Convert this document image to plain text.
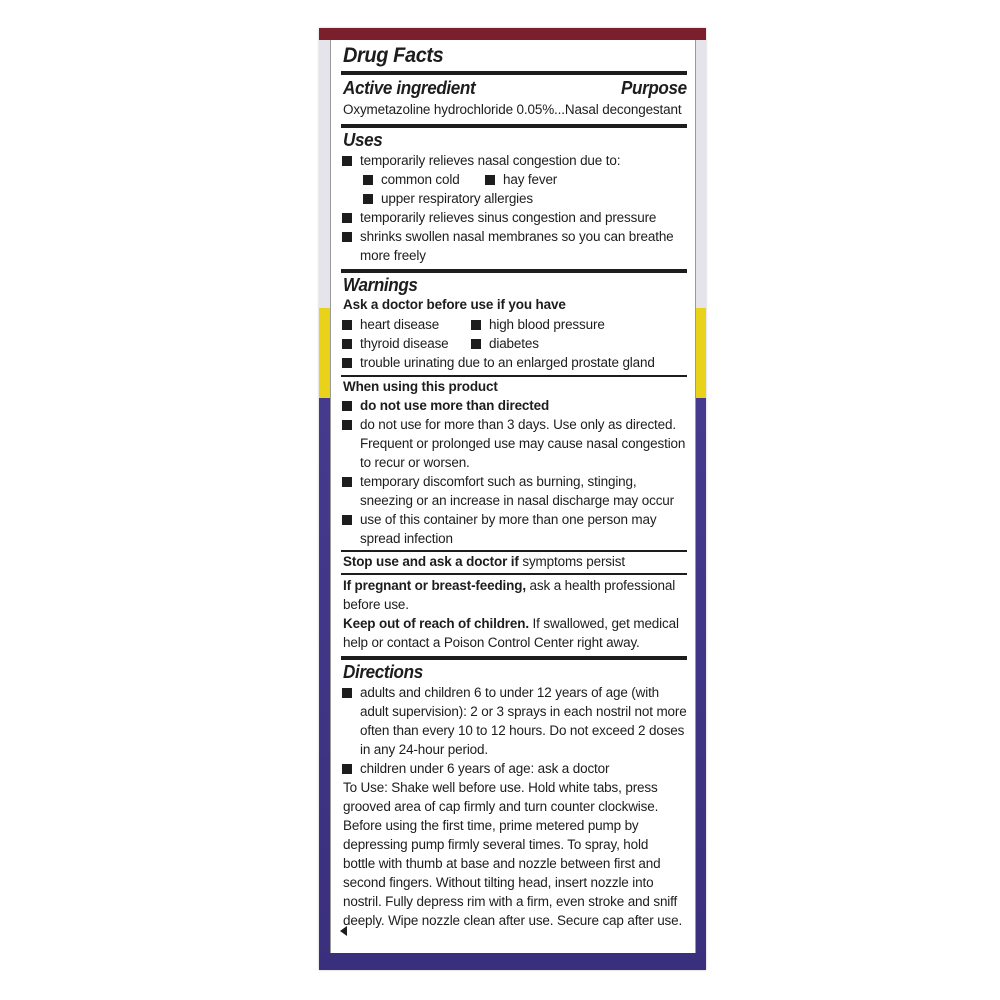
Drug Facts
Active ingredient	Purpose
Oxymetazoline hydrochloride 0.05%...Nasal decongestant
Uses
temporarily relieves nasal congestion due to:
common cold	hay fever
upper respiratory allergies
temporarily relieves sinus congestion and pressure
shrinks swollen nasal membranes so you can breathe
more freely
Warnings
Ask a doctor before use if you have
heart disease	high blood pressure
thyroid disease	diabetes
trouble urinating due to an enlarged prostate gland
When using this product
do not use more than directed
do not use for more than 3 days. Use only as directed.
Frequent or prolonged use may cause nasal congestion
to recur or worsen.
temporary discomfort such as burning, stinging,
sneezing or an increase in nasal discharge may occur
use of this container by more than one person may
spread infection
Stop use and ask a doctor if symptoms persist
If pregnant or breast-feeding, ask a health professional
before use.
Keep out of reach of children. If swallowed, get medical
help or contact a Poison Control Center right away.
Directions
adults and children 6 to under 12 years of age (with
adult supervision): 2 or 3 sprays in each nostril not more
often than every 10 to 12 hours. Do not exceed 2 doses
in any 24-hour period.
children under 6 years of age: ask a doctor
To Use: Shake well before use. Hold white tabs, press
grooved area of cap firmly and turn counter clockwise.
Before using the first time, prime metered pump by
depressing pump firmly several times. To spray, hold
bottle with thumb at base and nozzle between first and
second fingers. Without tilting head, insert nozzle into
nostril. Fully depress rim with a firm, even stroke and sniff
deeply. Wipe nozzle clean after use. Secure cap after use.
